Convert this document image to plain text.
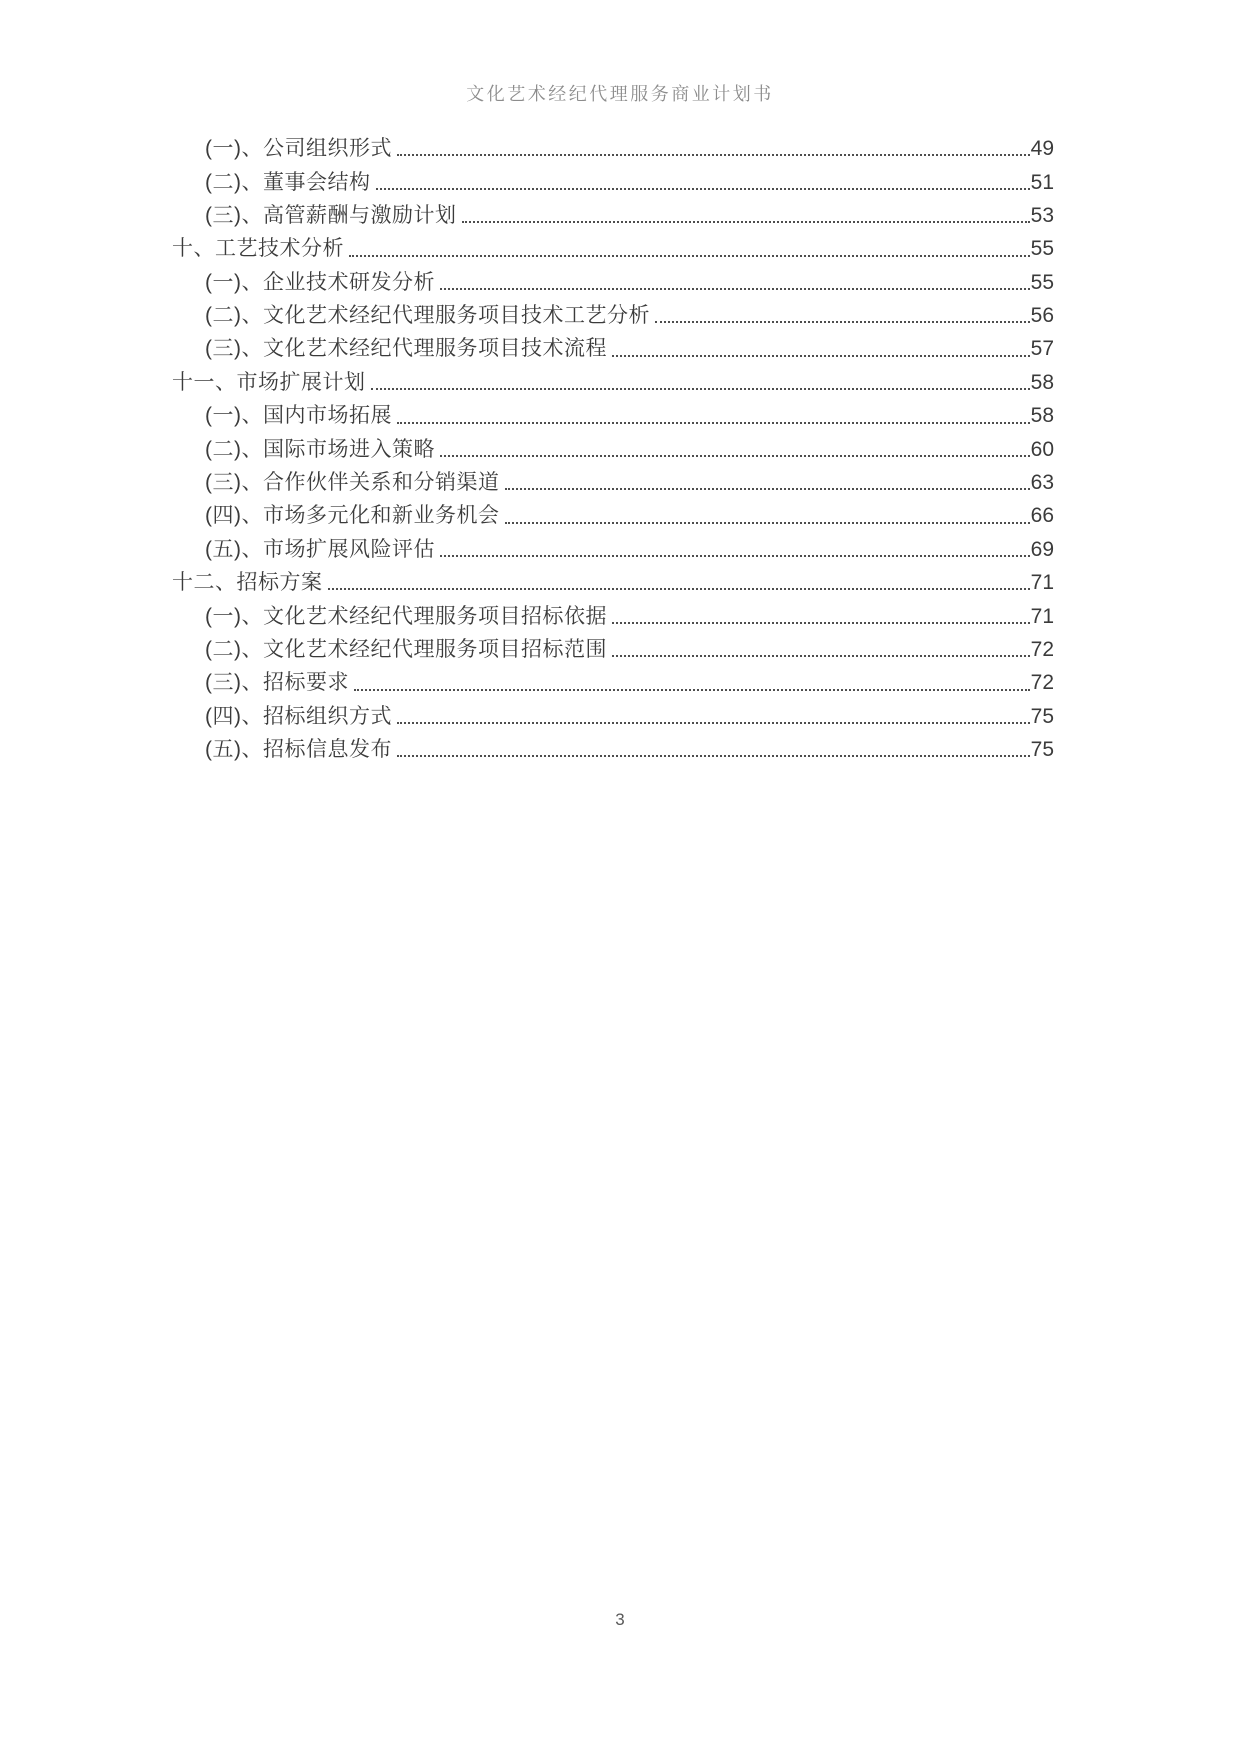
文化艺术经纪代理服务商业计划书
(一)、公司组织形式	49
(二)、董事会结构	51
(三)、高管薪酬与激励计划	53
十、工艺技术分析	55
(一)、企业技术研发分析	55
(二)、文化艺术经纪代理服务项目技术工艺分析	56
(三)、文化艺术经纪代理服务项目技术流程	57
十一、市场扩展计划	58
(一)、国内市场拓展	58
(二)、国际市场进入策略	60
(三)、合作伙伴关系和分销渠道	63
(四)、市场多元化和新业务机会	66
(五)、市场扩展风险评估	69
十二、招标方案	71
(一)、文化艺术经纪代理服务项目招标依据	71
(二)、文化艺术经纪代理服务项目招标范围	72
(三)、招标要求	72
(四)、招标组织方式	75
(五)、招标信息发布	75
3
